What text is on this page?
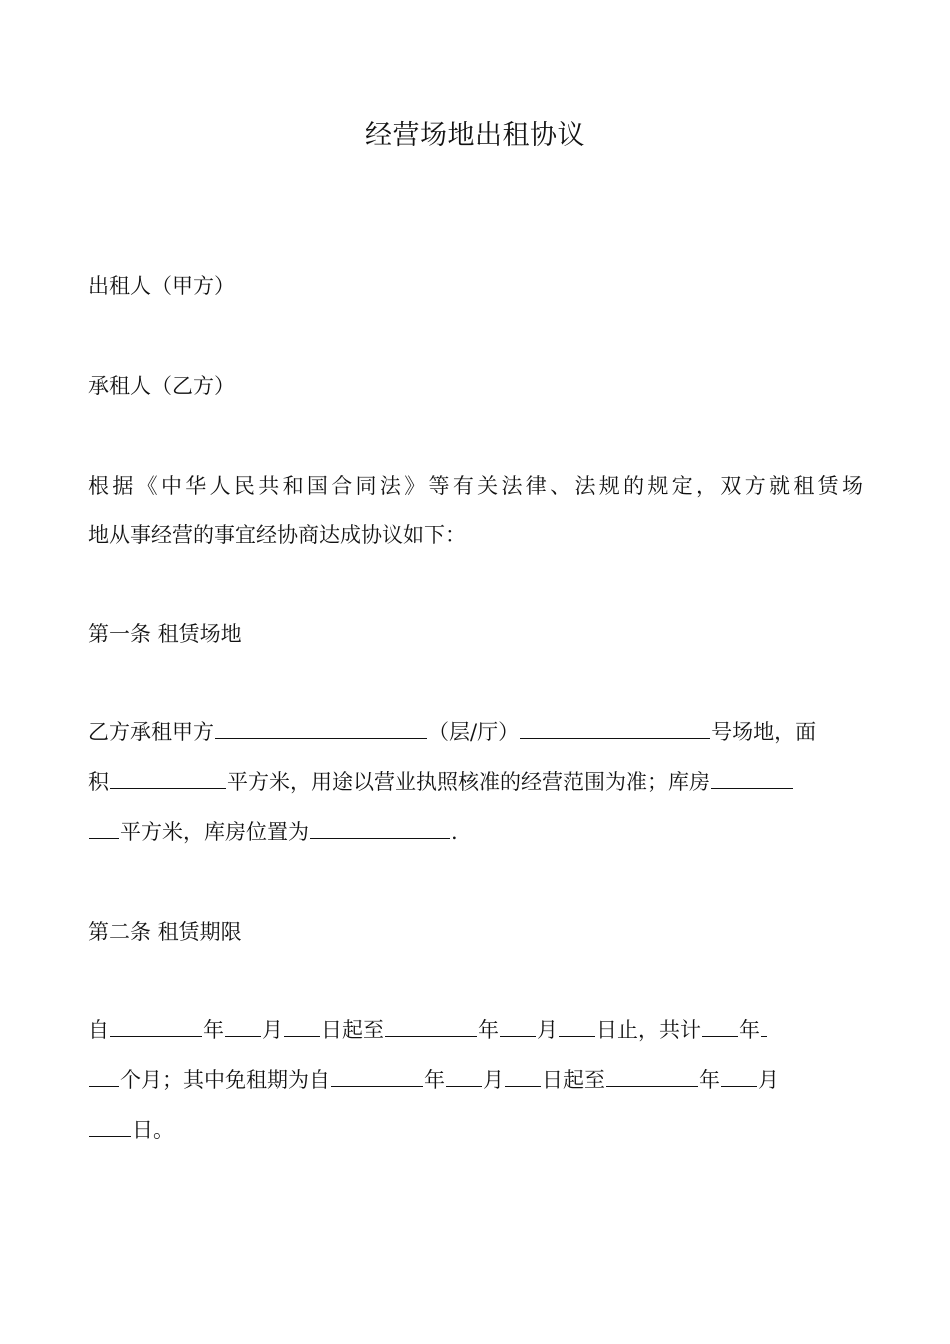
经营场地出租协议
出租人（甲方）
承租人（乙方）
根据《中华人民共和国合同法》等有关法律、法规的规定，双方就租赁场
地从事经营的事宜经协商达成协议如下：
第一条 租赁场地
乙方承租甲方	（层/厅）	号场地，面
积	平方米，用途以营业执照核准的经营范围为准；库房
平方米，库房位置为	.
第二条 租赁期限
自	年 月 日起至	年 月 日止，共计 年
个月；其中免租期为自	年 月 日起至	年 月
日。
